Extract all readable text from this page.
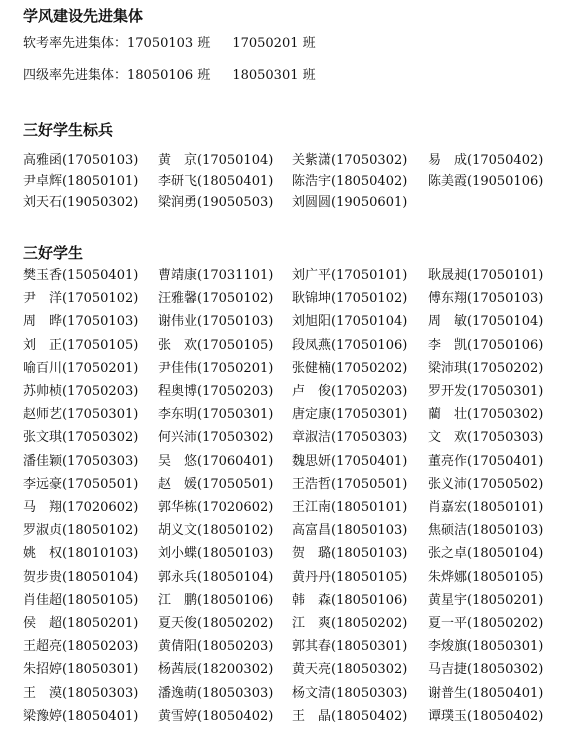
学风建设先进集体
软考率先进集体：17050103 班 17050201 班
四级率先进集体：18050106 班 18050301 班
三好学生标兵
高雅函(17050103) 黄　京(17050104) 关紫潇(17050302) 易　成(17050402)
尹卓辉(18050101) 李研飞(18050401) 陈浩宇(18050402) 陈美霞(19050106)
刘天石(19050302) 梁润勇(19050503) 刘圆圆(19050601)
三好学生
樊玉香(15050401) 曹靖康(17031101) 刘广平(17050101) 耿晟昶(17050101)
尹　洋(17050102) 汪雅馨(17050102) 耿锦坤(17050102) 傅东翔(17050103)
周　晔(17050103) 谢伟业(17050103) 刘旭阳(17050104) 周　敏(17050104)
刘　正(17050105) 张　欢(17050105) 段凤燕(17050106) 李　凯(17050106)
喻百川(17050201) 尹佳伟(17050201) 张健楠(17050202) 梁沛琪(17050202)
苏帅桢(17050203) 程奥博(17050203) 卢　俊(17050203) 罗开发(17050301)
赵师艺(17050301) 李东明(17050301) 唐定康(17050301) 藺　壮(17050302)
张文琪(17050302) 何兴沛(17050302) 章淑洁(17050303) 文　欢(17050303)
潘佳颖(17050303) 吴　悠(17060401) 魏思妍(17050401) 董亮作(17050401)
李远豪(17050501) 赵　媛(17050501) 王浩哲(17050501) 张义沛(17050502)
马　翔(17020602) 郭华栋(17020602) 王江南(18050101) 肖嘉宏(18050101)
罗淑贞(18050102) 胡义文(18050102) 高富昌(18050103) 焦硕洁(18050103)
姚　权(18010103) 刘小蝶(18050103) 贺　璐(18050103) 张之卓(18050104)
贺步贵(18050104) 郭永兵(18050104) 黄丹丹(18050105) 朱烨娜(18050105)
肖佳超(18050105) 江　鹏(18050106) 韩　森(18050106) 黄星宇(18050201)
侯　超(18050201) 夏天俊(18050202) 江　爽(18050202) 夏一平(18050202)
王超亮(18050203) 黄倩阳(18050203) 郭其春(18050301) 李焌旗(18050301)
朱招婷(18050301) 杨茜辰(18200302) 黄天亮(18050302) 马吉捷(18050302)
王　漠(18050303) 潘逸萌(18050303) 杨文清(18050303) 谢普生(18050401)
梁豫婷(18050401) 黄雪婷(18050402) 王　晶(18050402) 谭璞玉(18050402)
